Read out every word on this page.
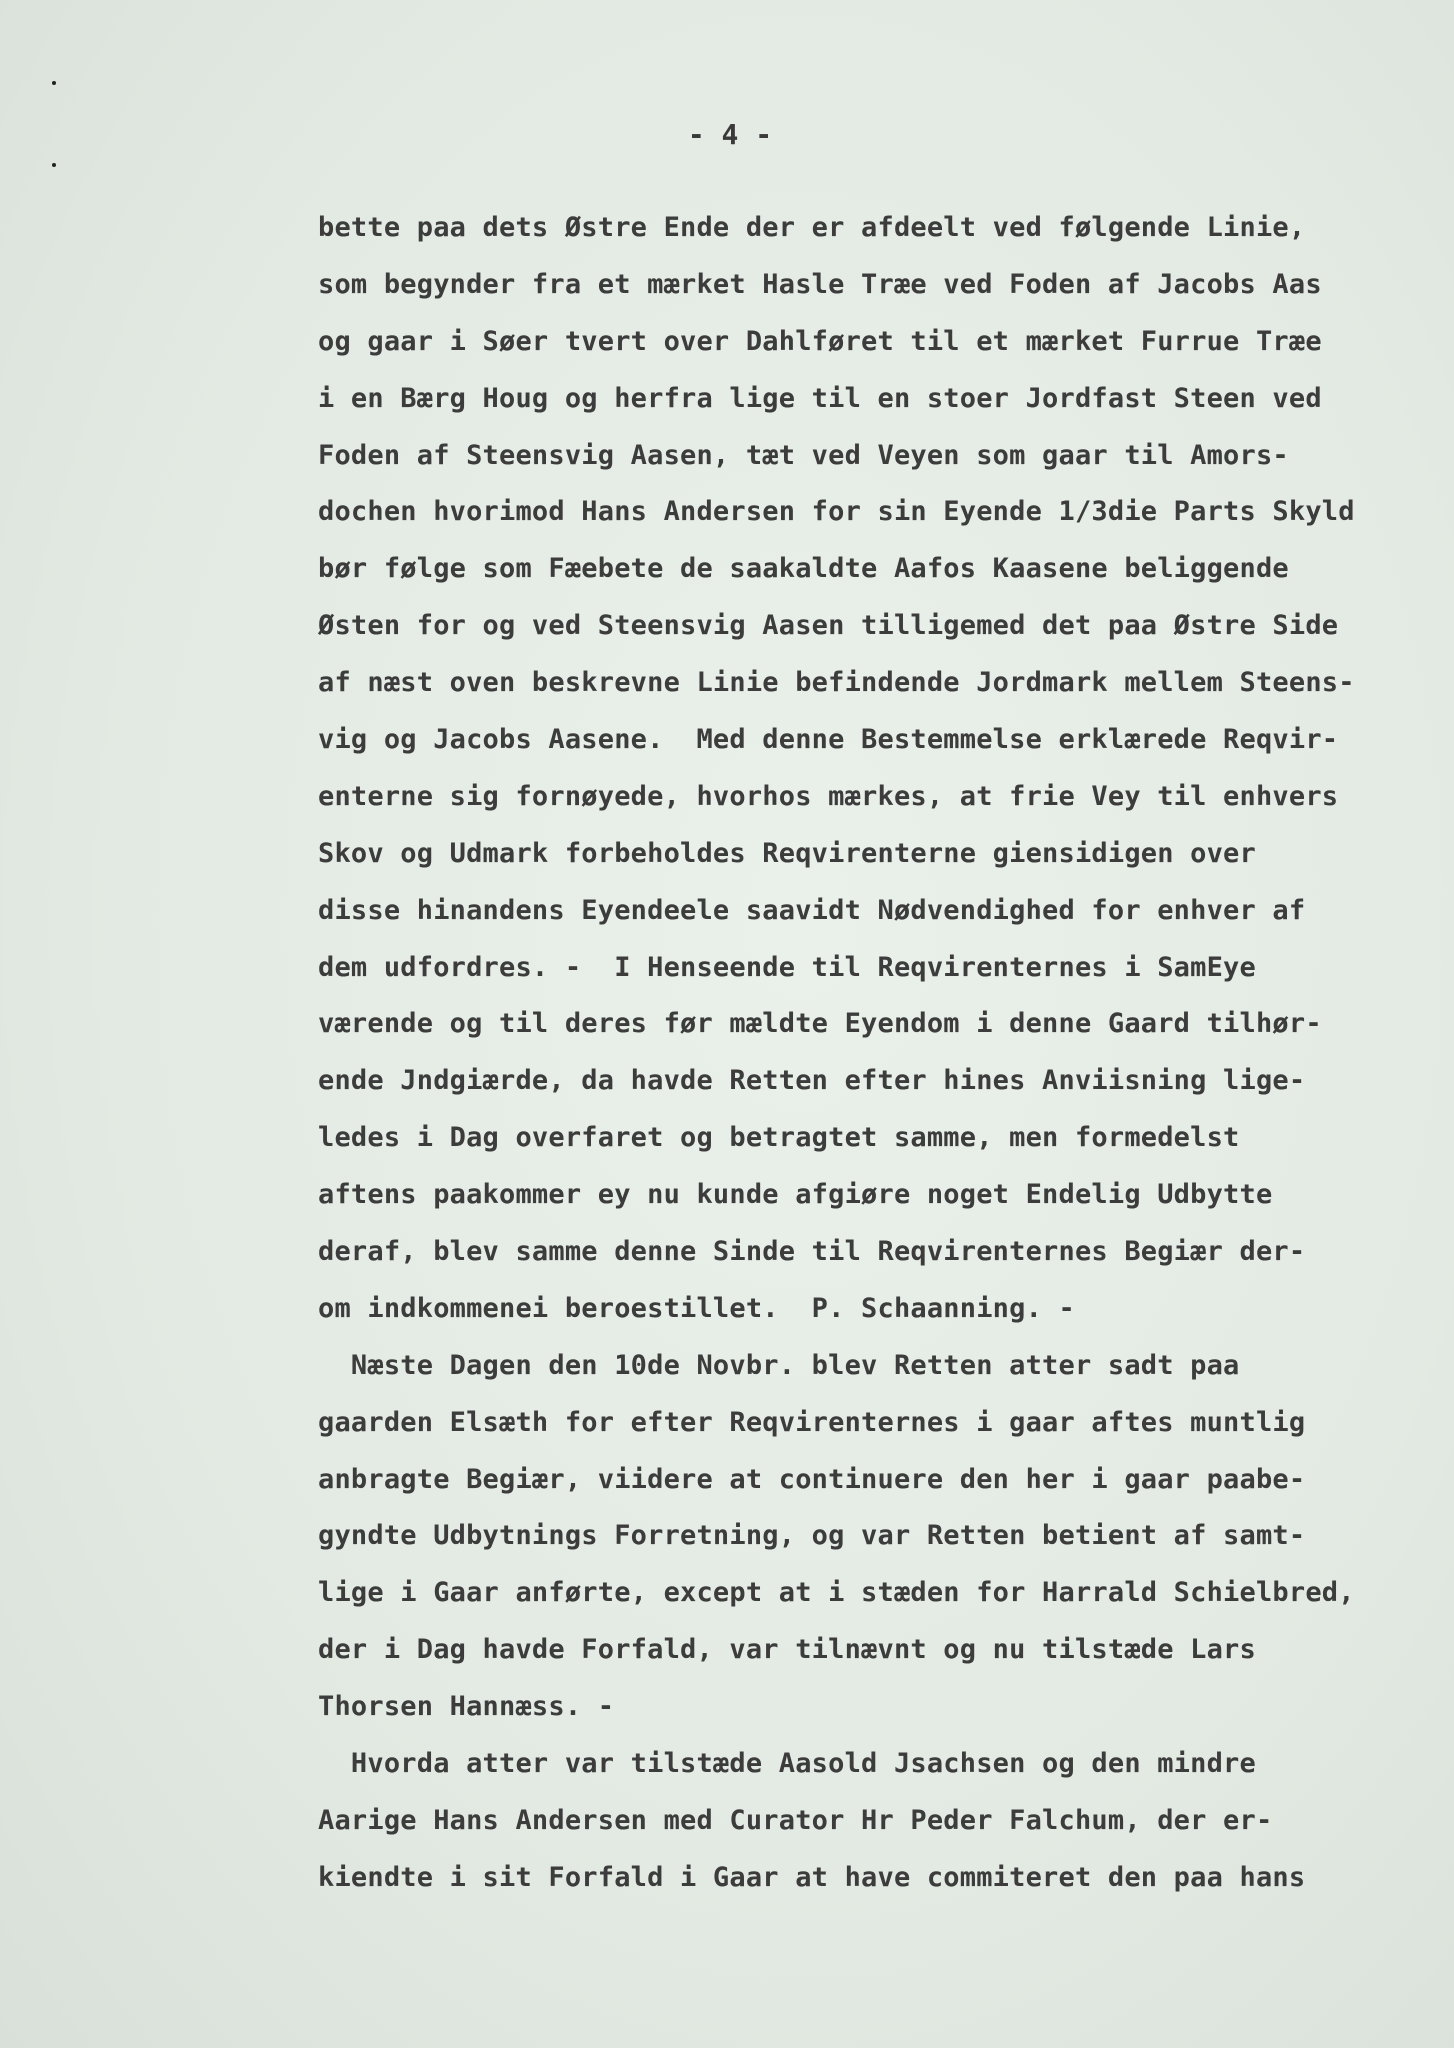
- 4 -
bette paa dets Østre Ende der er afdeelt ved følgende Linie,
som begynder fra et mærket Hasle Træe ved Foden af Jacobs Aas
og gaar i Søer tvert over Dahlføret til et mærket Furrue Træe
i en Bærg Houg og herfra lige til en stoer Jordfast Steen ved
Foden af Steensvig Aasen, tæt ved Veyen som gaar til Amors-
dochen hvorimod Hans Andersen for sin Eyende 1/3die Parts Skyld
bør følge som Fæebete de saakaldte Aafos Kaasene beliggende
Østen for og ved Steensvig Aasen tilligemed det paa Østre Side
af næst oven beskrevne Linie befindende Jordmark mellem Steens-
vig og Jacobs Aasene.  Med denne Bestemmelse erklærede Reqvir-
enterne sig fornøyede, hvorhos mærkes, at frie Vey til enhvers
Skov og Udmark forbeholdes Reqvirenterne giensidigen over
disse hinandens Eyendeele saavidt Nødvendighed for enhver af
dem udfordres. -  I Henseende til Reqvirenternes i SamEye
værende og til deres før mældte Eyendom i denne Gaard tilhør-
ende Jndgiærde, da havde Retten efter hines Anviisning lige-
ledes i Dag overfaret og betragtet samme, men formedelst
aftens paakommer ey nu kunde afgiøre noget Endelig Udbytte
deraf, blev samme denne Sinde til Reqvirenternes Begiær der-
om indkommenei beroestillet.  P. Schaanning. -
Næste Dagen den 10de Novbr. blev Retten atter sadt paa
gaarden Elsæth for efter Reqvirenternes i gaar aftes muntlig
anbragte Begiær, viidere at continuere den her i gaar paabe-
gyndte Udbytnings Forretning, og var Retten betient af samt-
lige i Gaar anførte, except at i stæden for Harrald Schielbred,
der i Dag havde Forfald, var tilnævnt og nu tilstæde Lars
Thorsen Hannæss. -
Hvorda atter var tilstæde Aasold Jsachsen og den mindre
Aarige Hans Andersen med Curator Hr Peder Falchum, der er-
kiendte i sit Forfald i Gaar at have commiteret den paa hans
